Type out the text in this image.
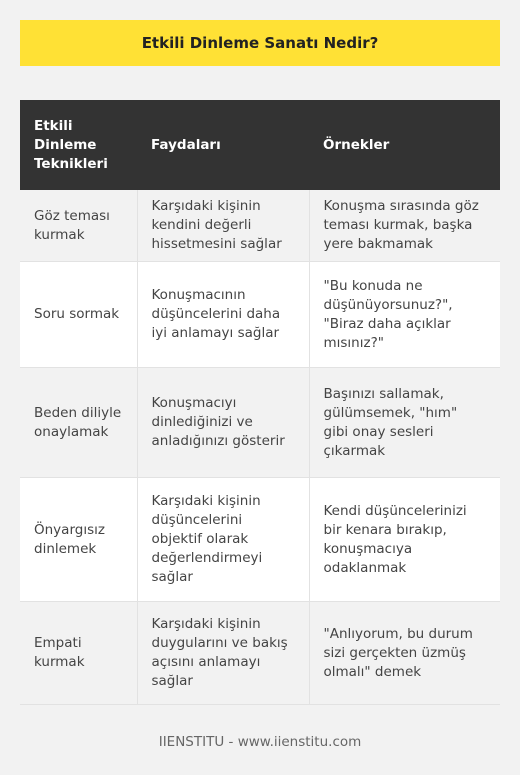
Etkili Dinleme Sanatı Nedir?
Etkili Dinleme Teknikleri	Faydaları	Örnekler
Göz teması kurmak	Karşıdaki kişinin kendini değerli hissetmesini sağlar	Konuşma sırasında göz teması kurmak, başka yere bakmamak
Soru sormak	Konuşmacının düşüncelerini daha iyi anlamayı sağlar	"Bu konuda ne düşünüyorsunuz?", "Biraz daha açıklar mısınız?"
Beden diliyle onaylamak	Konuşmacıyı dinlediğinizi ve anladığınızı gösterir	Başınızı sallamak, gülümsemek, "hım" gibi onay sesleri çıkarmak
Önyargısız dinlemek	Karşıdaki kişinin düşüncelerini objektif olarak değerlendirmeyi sağlar	Kendi düşüncelerinizi bir kenara bırakıp, konuşmacıya odaklanmak
Empati kurmak	Karşıdaki kişinin duygularını ve bakış açısını anlamayı sağlar	"Anlıyorum, bu durum sizi gerçekten üzmüş olmalı" demek
IIENSTITU - www.iienstitu.com
